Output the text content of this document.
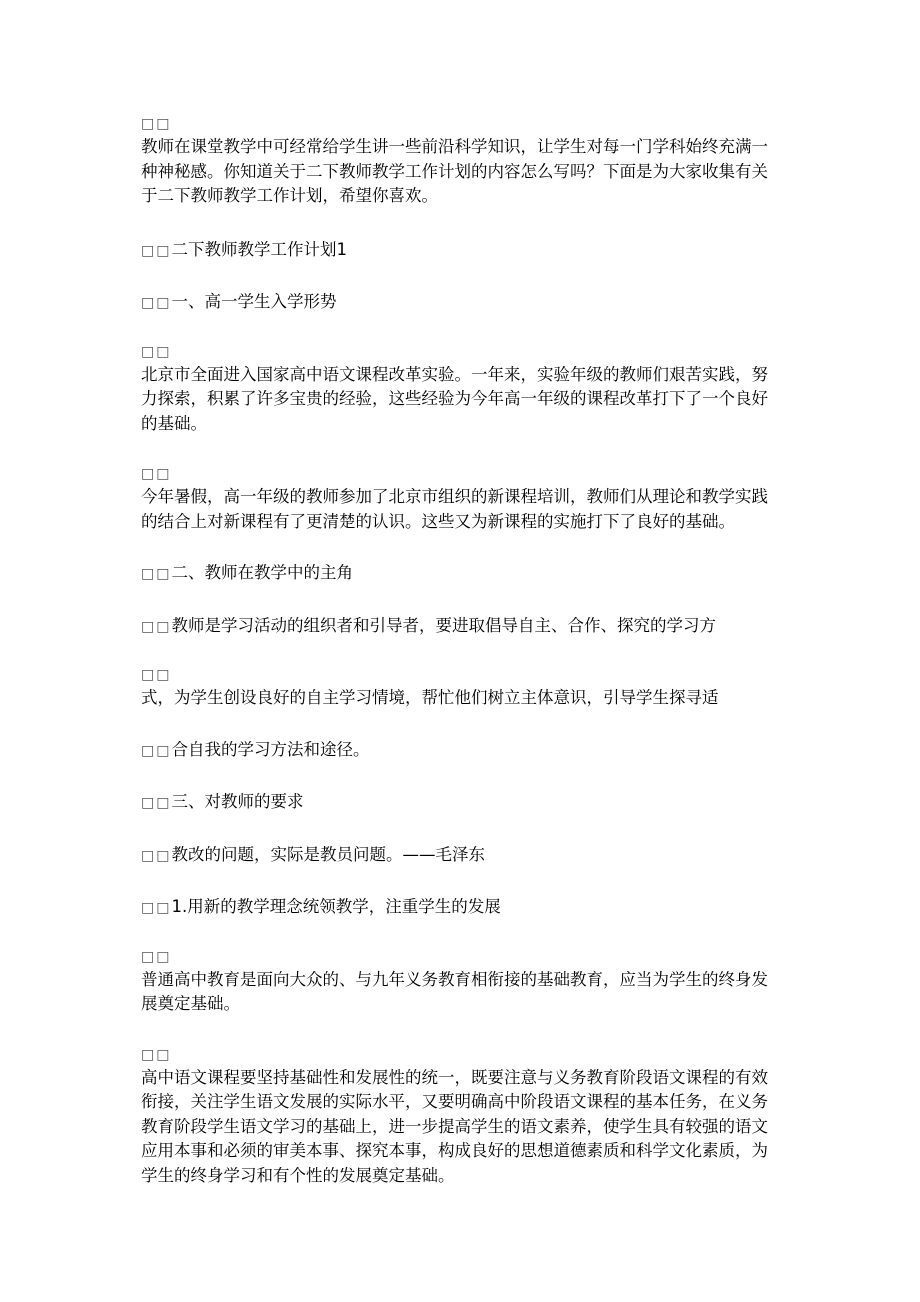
□□
教师在课堂教学中可经常给学生讲一些前沿科学知识，让学生对每一门学科始终充满一种神秘感。你知道关于二下教师教学工作计划的内容怎么写吗？下面是为大家收集有关于二下教师教学工作计划，希望你喜欢。
□□二下教师教学工作计划1
□□一、高一学生入学形势
□□
北京市全面进入国家高中语文课程改革实验。一年来，实验年级的教师们艰苦实践，努力探索，积累了许多宝贵的经验，这些经验为今年高一年级的课程改革打下了一个良好的基础。
□□
今年暑假，高一年级的教师参加了北京市组织的新课程培训，教师们从理论和教学实践的结合上对新课程有了更清楚的认识。这些又为新课程的实施打下了良好的基础。
□□二、教师在教学中的主角
□□教师是学习活动的组织者和引导者，要进取倡导自主、合作、探究的学习方
□□
式，为学生创设良好的自主学习情境，帮忙他们树立主体意识，引导学生探寻适
□□合自我的学习方法和途径。
□□三、对教师的要求
□□教改的问题，实际是教员问题。——毛泽东
□□1.用新的教学理念统领教学，注重学生的发展
□□
普通高中教育是面向大众的、与九年义务教育相衔接的基础教育，应当为学生的终身发展奠定基础。
□□
高中语文课程要坚持基础性和发展性的统一，既要注意与义务教育阶段语文课程的有效衔接，关注学生语文发展的实际水平，又要明确高中阶段语文课程的基本任务，在义务教育阶段学生语文学习的基础上，进一步提高学生的语文素养，使学生具有较强的语文应用本事和必须的审美本事、探究本事，构成良好的思想道德素质和科学文化素质，为学生的终身学习和有个性的发展奠定基础。
